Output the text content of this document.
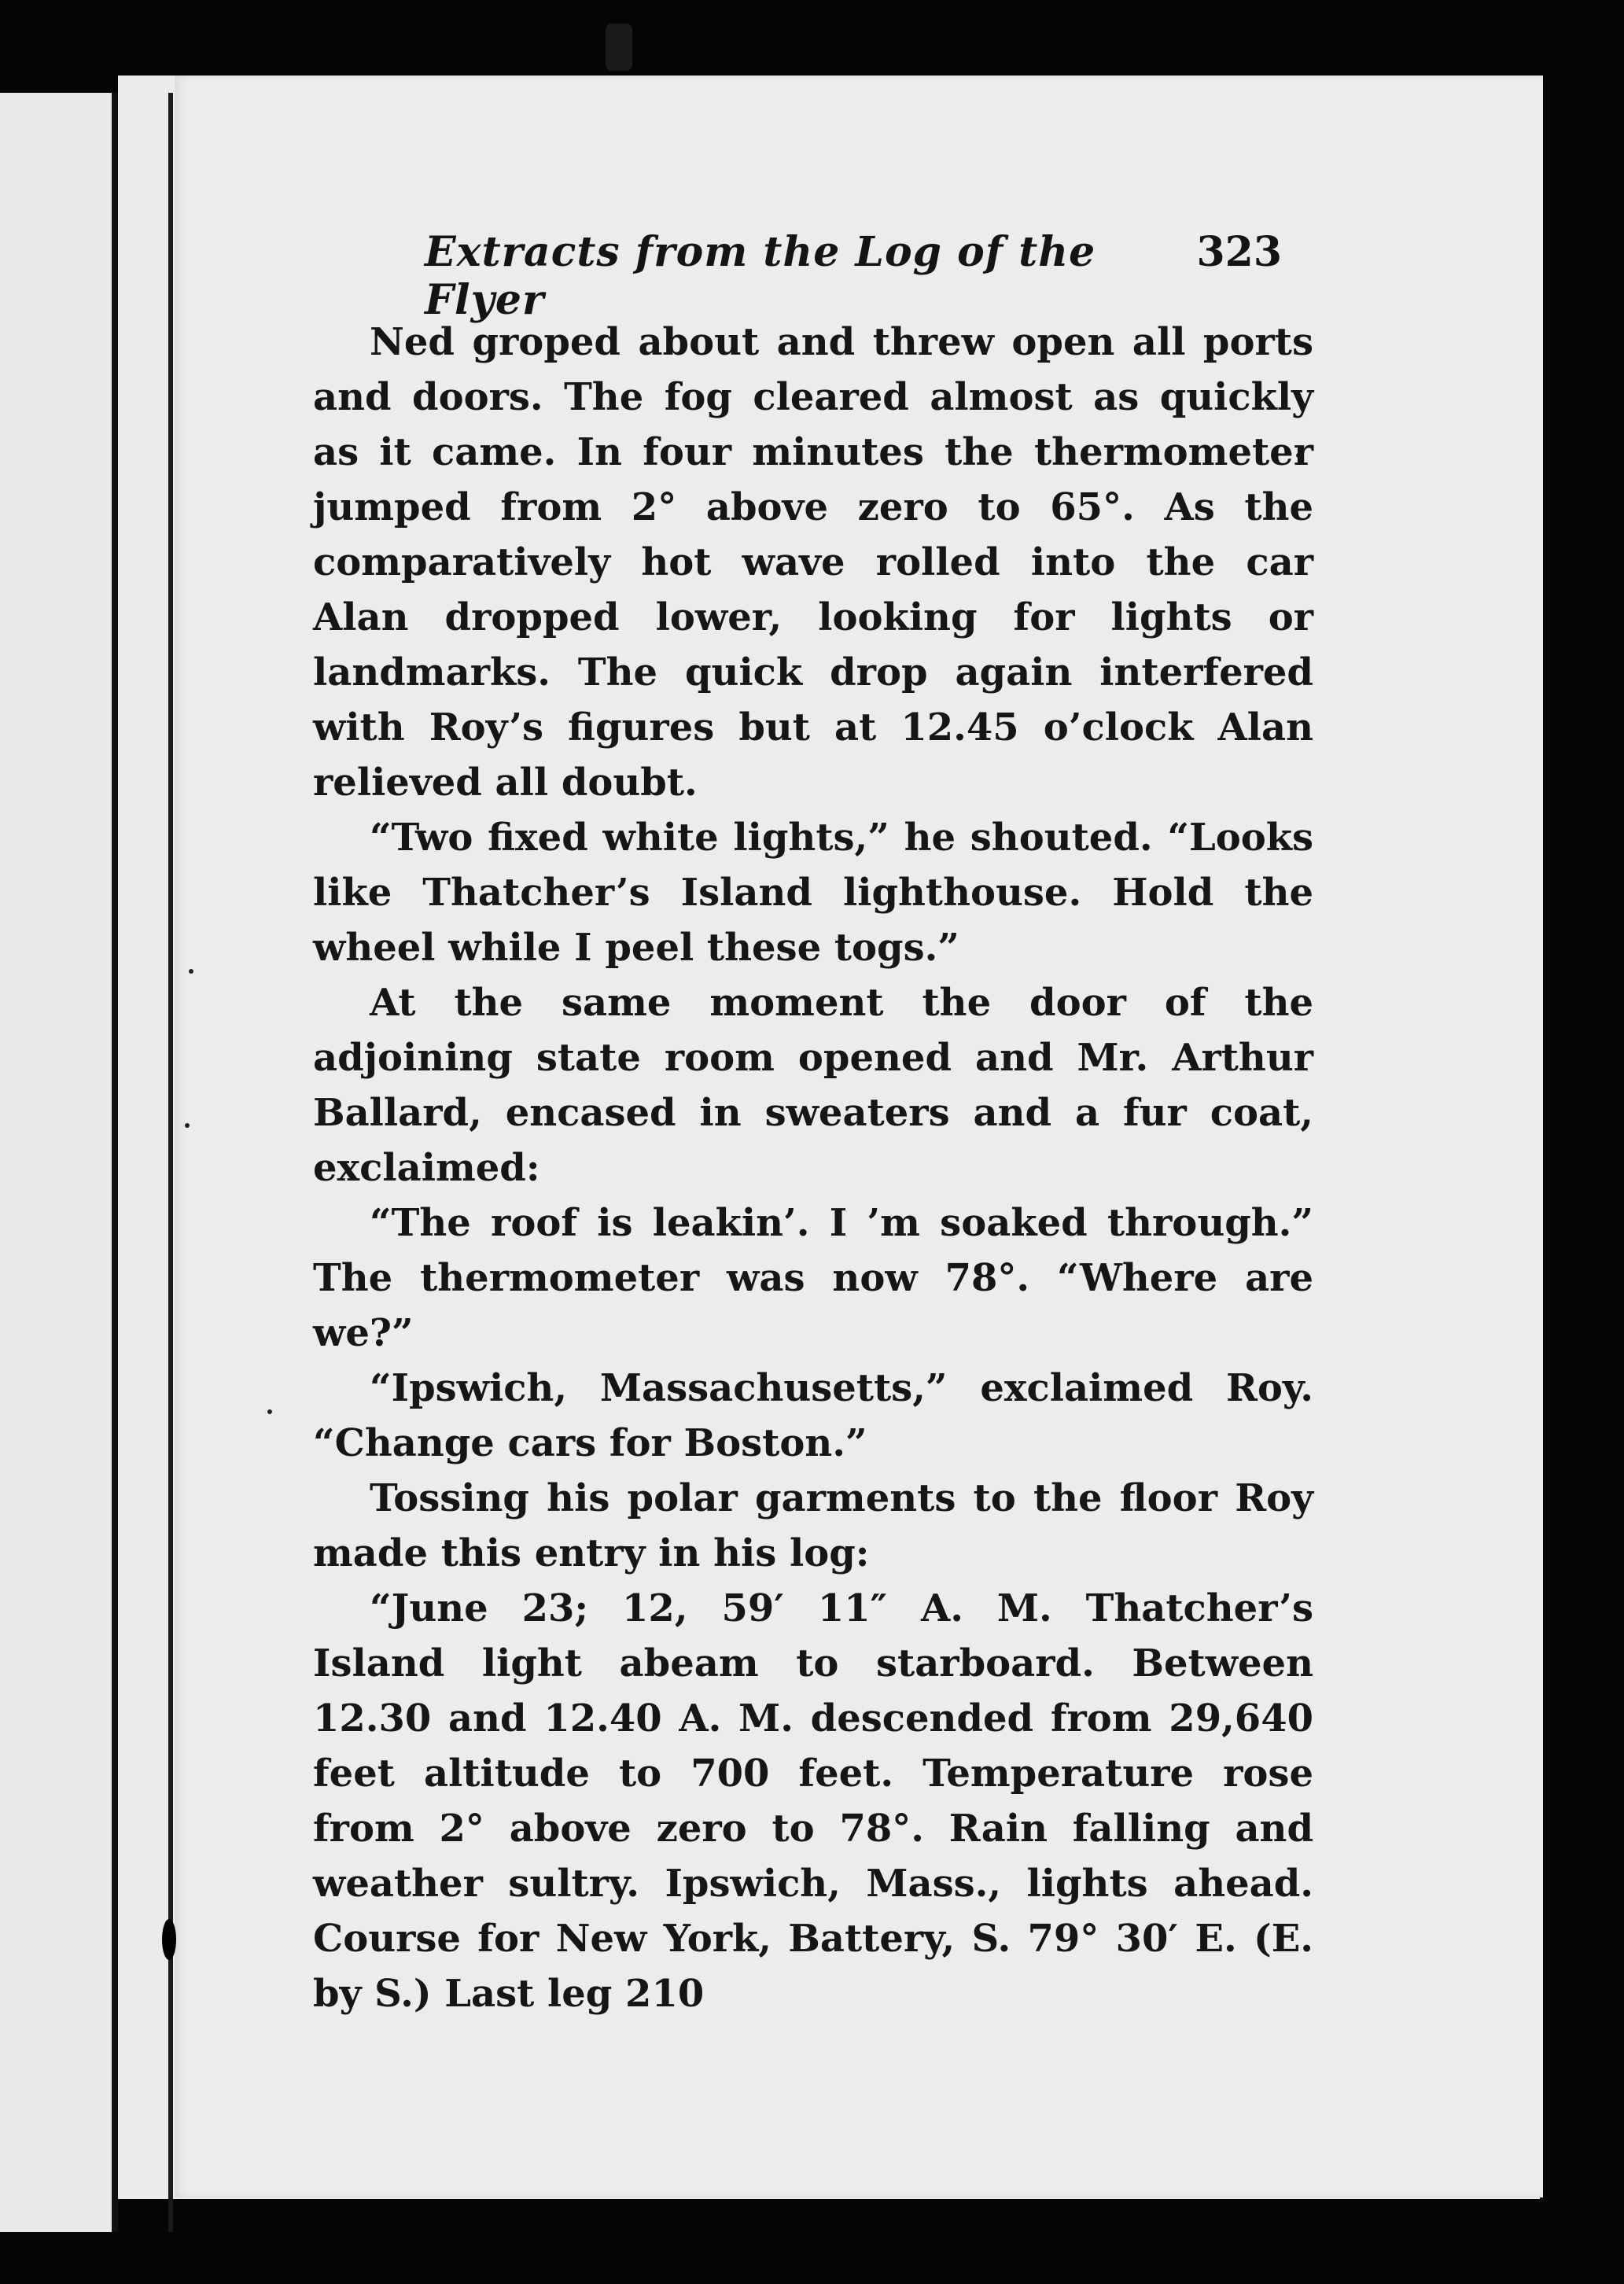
Extracts from the Log of the Flyer
323

Ned groped about and threw open all ports and doors. The fog cleared almost as quickly as it came. In four minutes the thermometer jumped from 2° above zero to 65°. As the comparatively hot wave rolled into the car Alan dropped lower, looking for lights or landmarks. The quick drop again interfered with Roy’s figures but at 12.45 o’clock Alan relieved all doubt.

“Two fixed white lights,” he shouted. “Looks like Thatcher’s Island lighthouse. Hold the wheel while I peel these togs.”

At the same moment the door of the adjoining state room opened and Mr. Arthur Ballard, encased in sweaters and a fur coat, exclaimed:

“The roof is leakin’. I ’m soaked through.” The thermometer was now 78°. “Where are we?”

“Ipswich, Massachusetts,” exclaimed Roy. “Change cars for Boston.”

Tossing his polar garments to the floor Roy made this entry in his log:

“June 23; 12, 59′ 11″ A. M. Thatcher’s Island light abeam to starboard. Between 12.30 and 12.40 A. M. descended from 29,640 feet altitude to 700 feet. Temperature rose from 2° above zero to 78°. Rain falling and weather sultry. Ipswich, Mass., lights ahead. Course for New York, Battery, S. 79° 30′ E. (E. by S.) Last leg 210
